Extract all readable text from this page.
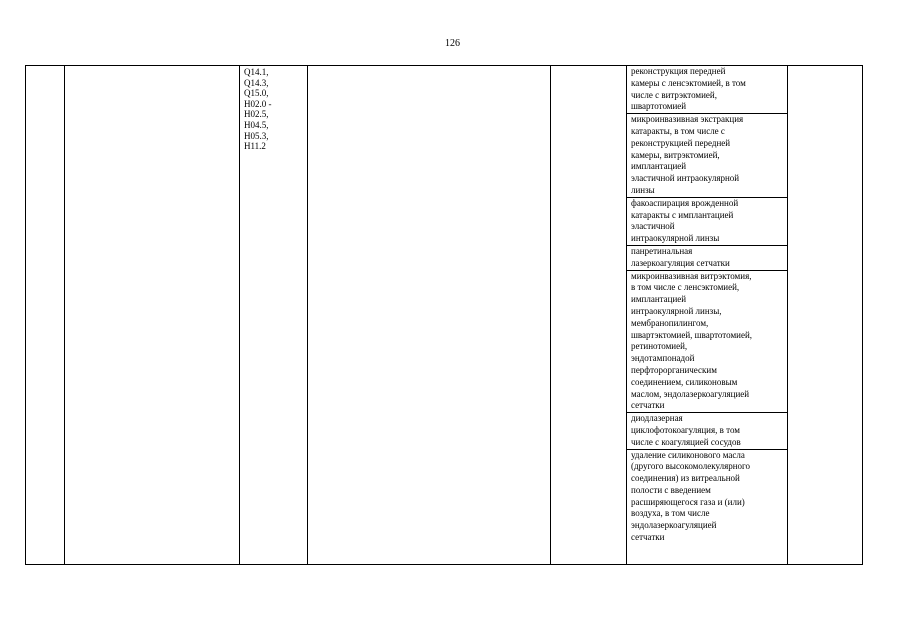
126
Q14.1,
Q14.3,
Q15.0,
H02.0 -
H02.5,
H04.5,
H05.3,
H11.2
реконструкция передней
камеры с ленсэктомией, в том
числе с витрэктомией,
швартотомией
микроинвазивная экстракция
катаракты, в том числе с
реконструкцией передней
камеры, витрэктомией,
имплантацией
эластичной интраокулярной
линзы
факоаспирация врожденной
катаракты с имплантацией
эластичной
интраокулярной линзы
панретинальная
лазеркоагуляция сетчатки
микроинвазивная витрэктомия,
в том числе с ленсэктомией,
имплантацией
интраокулярной линзы,
мембранопилингом,
швартэктомией, швартотомией,
ретинотомией,
эндотампонадой
перфторорганическим
соединением, силиконовым
маслом, эндолазеркоагуляцией
сетчатки
диодлазерная
циклофотокоагуляция, в том
числе с коагуляцией сосудов
удаление силиконового масла
(другого высокомолекулярного
соединения) из витреальной
полости с введением
расширяющегося газа и (или)
воздуха, в том числе
эндолазеркоагуляцией
сетчатки
